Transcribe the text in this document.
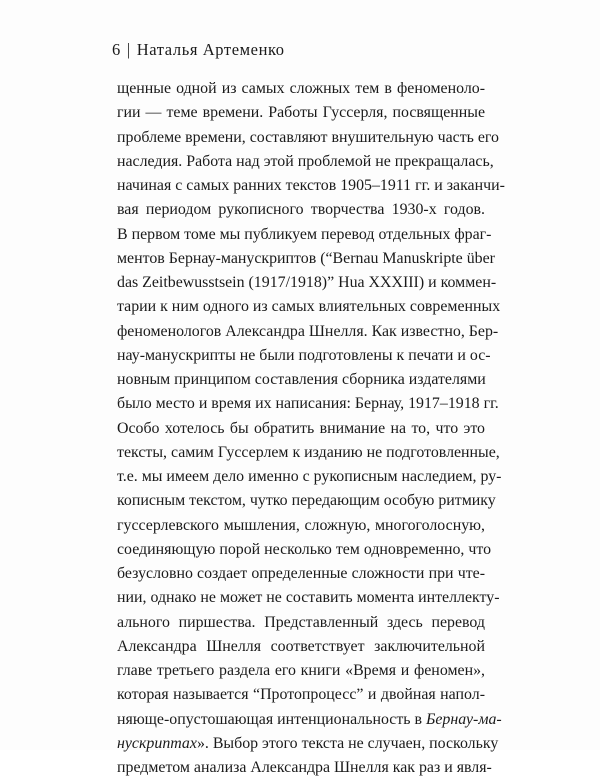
6 | Наталья Артеменко
щенные одной из самых сложных тем в феноменоло-
гии — теме времени. Работы Гуссерля, посвященные
проблеме времени, составляют внушительную часть его
наследия. Работа над этой проблемой не прекращалась,
начиная с самых ранних текстов 1905–1911 гг. и заканчи-
вая периодом рукописного творчества 1930-х годов.
В первом томе мы публикуем перевод отдельных фраг-
ментов Бернау-манускриптов (“Bernau Manuskripte über
das Zeitbewusstsein (1917/1918)” Hua XXXIII) и коммен-
тарии к ним одного из самых влиятельных современных
феноменологов Александра Шнелля. Как известно, Бер-
нау-манускрипты не были подготовлены к печати и ос-
новным принципом составления сборника издателями
было место и время их написания: Бернау, 1917–1918 гг.
Особо хотелось бы обратить внимание на то, что это
тексты, самим Гуссерлем к изданию не подготовленные,
т.е. мы имеем дело именно с рукописным наследием, ру-
кописным текстом, чутко передающим особую ритмику
гуссерлевского мышления, сложную, многоголосную,
соединяющую порой несколько тем одновременно, что
безусловно создает определенные сложности при чте-
нии, однако не может не составить момента интеллекту-
ального пиршества. Представленный здесь перевод
Александра Шнелля соответствует заключительной
главе третьего раздела его книги «Время и феномен»,
которая называется “Протопроцесс” и двойная напол-
няюще-опустошающая интенциональность в Бернау-ма-
нускриптах». Выбор этого текста не случаен, поскольку
предметом анализа Александра Шнелля как раз и явля-
